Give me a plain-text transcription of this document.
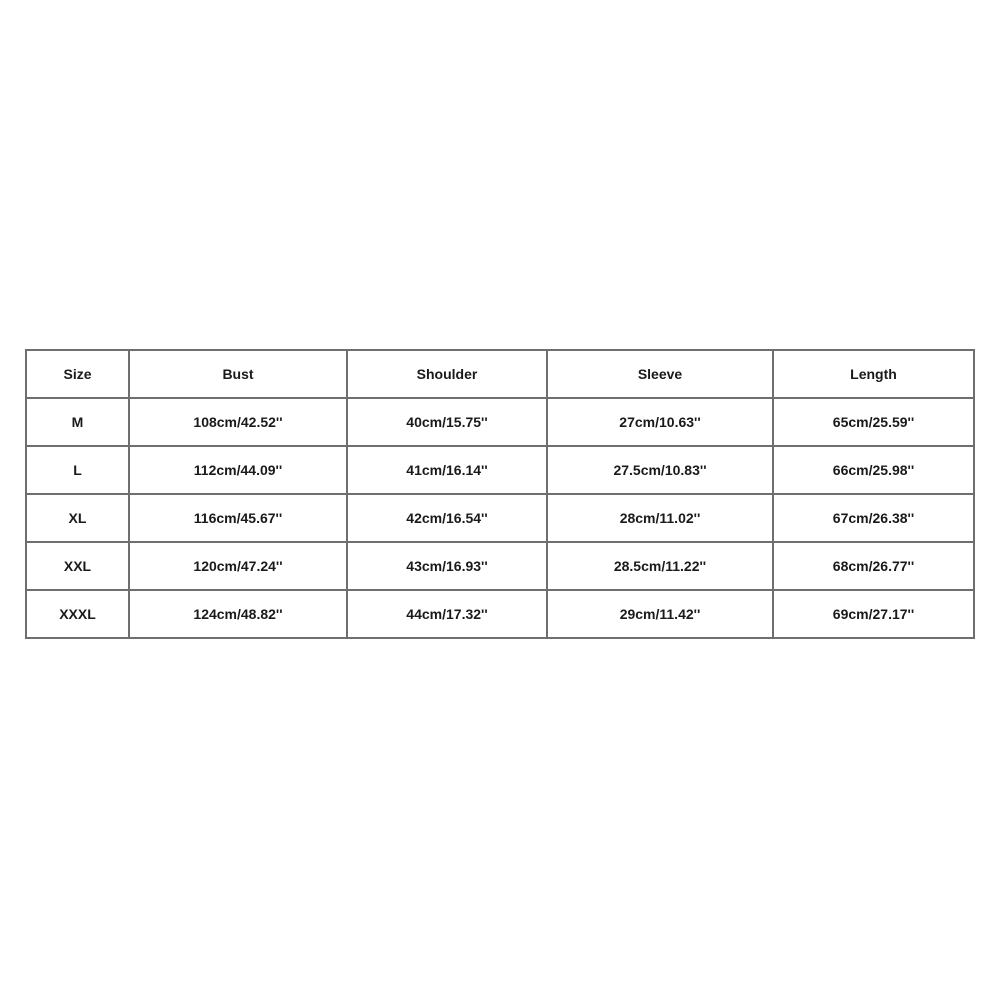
Size	Bust	Shoulder	Sleeve	Length
M	108cm/42.52''	40cm/15.75''	27cm/10.63''	65cm/25.59''
L	112cm/44.09''	41cm/16.14''	27.5cm/10.83''	66cm/25.98''
XL	116cm/45.67''	42cm/16.54''	28cm/11.02''	67cm/26.38''
XXL	120cm/47.24''	43cm/16.93''	28.5cm/11.22''	68cm/26.77''
XXXL	124cm/48.82''	44cm/17.32''	29cm/11.42''	69cm/27.17''
